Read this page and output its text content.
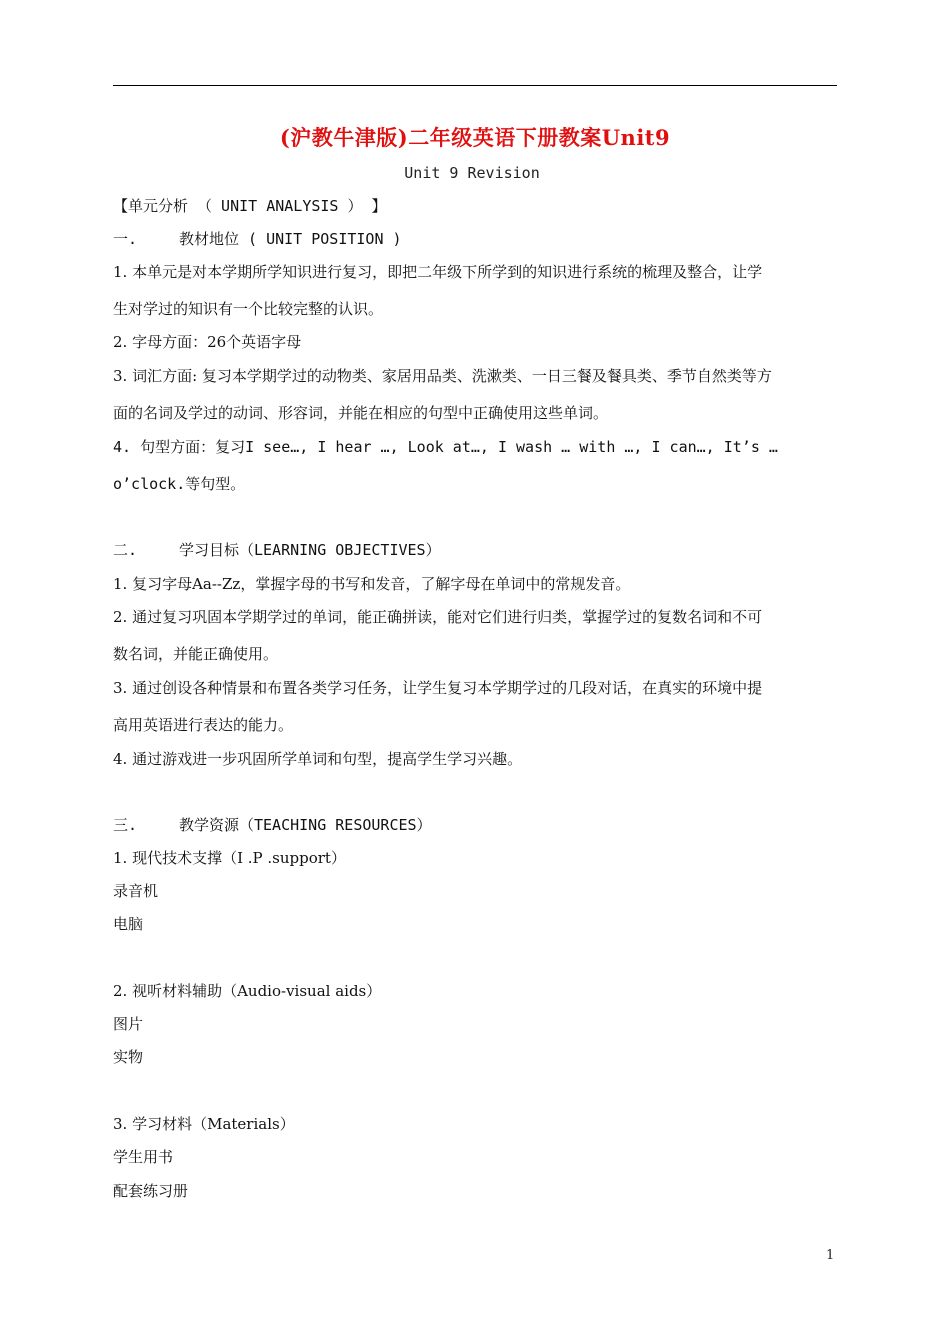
(沪教牛津版)二年级英语下册教案Unit9
Unit 9 Revision
【单元分析 （ UNIT ANALYSIS ） 】
一.	教材地位 ( UNIT POSITION )
1. 本单元是对本学期所学知识进行复习，即把二年级下所学到的知识进行系统的梳理及整合，让学
生对学过的知识有一个比较完整的认识。
2. 字母方面：26个英语字母
3. 词汇方面: 复习本学期学过的动物类、家居用品类、洗漱类、一日三餐及餐具类、季节自然类等方
面的名词及学过的动词、形容词，并能在相应的句型中正确使用这些单词。
4. 句型方面：复习I see…, I hear …, Look at…, I wash … with …, I can…, It’s …
o’clock.等句型。
二.	学习目标（LEARNING OBJECTIVES）
1. 复习字母Aa--Zz，掌握字母的书写和发音，了解字母在单词中的常规发音。
2. 通过复习巩固本学期学过的单词，能正确拼读，能对它们进行归类，掌握学过的复数名词和不可
数名词，并能正确使用。
3. 通过创设各种情景和布置各类学习任务，让学生复习本学期学过的几段对话，在真实的环境中提
高用英语进行表达的能力。
4. 通过游戏进一步巩固所学单词和句型，提高学生学习兴趣。
三.	教学资源（TEACHING RESOURCES）
1. 现代技术支撑（I .P .support）
录音机
电脑
2. 视听材料辅助（Audio-visual aids）
图片
实物
3. 学习材料（Materials）
学生用书
配套练习册
1
